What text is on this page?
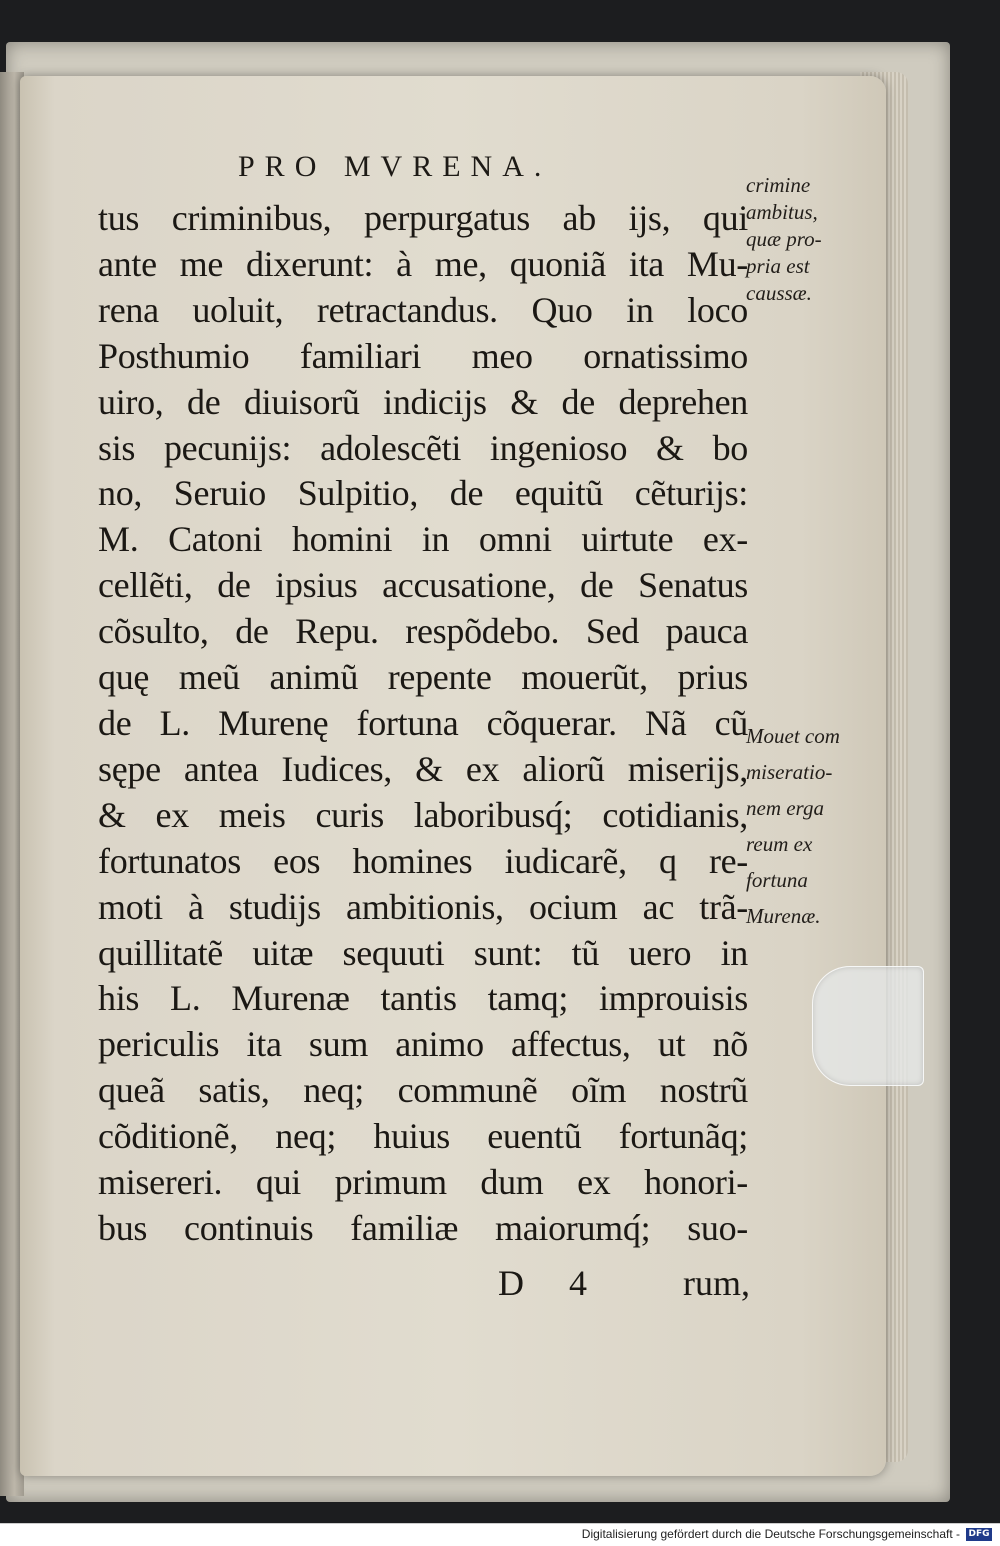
PRO MVRENA.
tus criminibus, perpurgatus ab ijs, qui
ante me dixerunt: à me, quoniã ita Mu-
rena uoluit, retractandus. Quo in loco
Posthumio familiari meo ornatissimo
uiro, de diuisorũ indicijs & de deprehen
sis pecunijs: adolescẽti ingenioso & bo
no, Seruio Sulpitio, de equitũ cẽturijs:
M. Catoni homini in omni uirtute ex-
cellẽti, de ipsius accusatione, de Senatus
cõsulto, de Repu. respõdebo. Sed pauca
quę meũ animũ repente mouerũt, prius
de L. Murenę fortuna cõquerar. Nã cũ
sępe antea Iudices, & ex aliorũ miserijs,
& ex meis curis laboribusq́; cotidianis,
fortunatos eos homines iudicarẽ, q re-
moti à studijs ambitionis, ocium ac trã-
quillitatẽ uitæ sequuti sunt: tũ uero in
his L. Murenæ tantis tamq; improuisis
periculis ita sum animo affectus, ut nõ
queã satis, neq; communẽ oĩm nostrũ
cõditionẽ, neq; huius euentũ fortunãq;
misereri. qui primum dum ex honori-
bus continuis familiæ maiorumq́; suo-
D 4 rum,
crimine
ambitus,
quæ pro-
pria est
caussæ.
Mouet com
miseratio-
nem erga
reum ex
fortuna
Murenæ.
Digitalisierung gefördert durch die Deutsche Forschungsgemeinschaft - DFG
